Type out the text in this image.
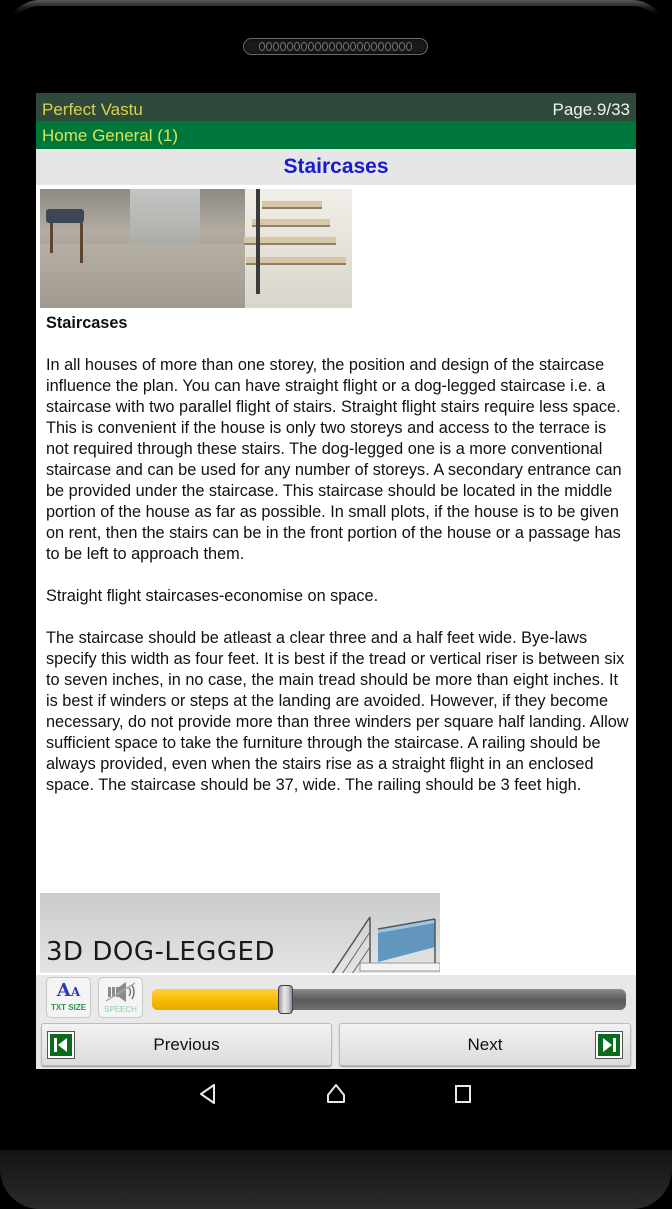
Perfect Vastu	Page.9/33
Home General (1)
Staircases
Staircases

In all houses of more than one storey, the position and design of the staircase influence the plan. You can have straight flight or a dog-legged staircase i.e. a staircase with two parallel flight of stairs. Straight flight stairs require less space. This is convenient if the house is only two storeys and access to the terrace is not required through these stairs. The dog-legged one is a more conventional staircase and can be used for any number of storeys. A secondary entrance can be provided under the staircase. This staircase should be located in the middle portion of the house as far as possible. In small plots, if the house is to be given on rent, then the stairs can be in the front portion of the house or a passage has to be left to approach them.

Straight flight staircases-economise on space.

The staircase should be atleast a clear three and a half feet wide. Bye-laws specify this width as four feet. It is best if the tread or vertical riser is between six to seven inches, in no case, the main tread should be more than eight inches. It is best if winders or steps at the landing are avoided. However, if they become necessary, do not provide more than three winders per square half landing. Allow sufficient space to take the furniture through the staircase. A railing should be always provided, even when the stairs rise as a straight flight in an enclosed space. The staircase should be 37, wide. The railing should be 3 feet high.

3D DOG-LEGGED
AA
TXT SIZE SPEECH
Previous	Next
